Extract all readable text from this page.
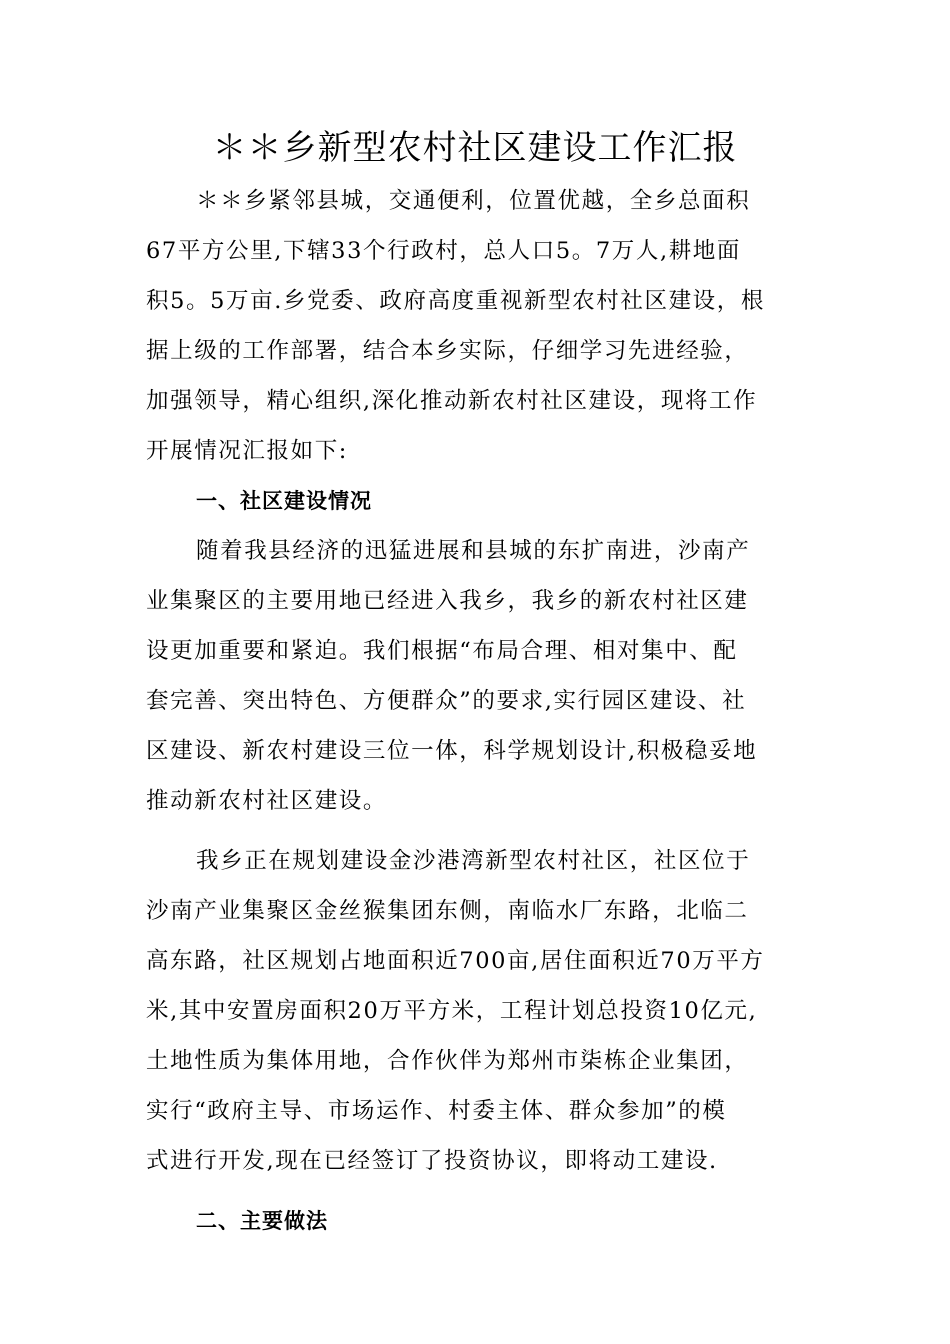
＊＊乡新型农村社区建设工作汇报
＊＊乡紧邻县城，交通便利，位置优越，全乡总面积
67平方公里,下辖33个行政村，总人口5。7万人,耕地面
积5。5万亩.乡党委、政府高度重视新型农村社区建设，根
据上级的工作部署，结合本乡实际，仔细学习先进经验，
加强领导，精心组织,深化推动新农村社区建设，现将工作
开展情况汇报如下:
一、社区建设情况
随着我县经济的迅猛进展和县城的东扩南进，沙南产
业集聚区的主要用地已经进入我乡，我乡的新农村社区建
设更加重要和紧迫。我们根据“布局合理、相对集中、配
套完善、突出特色、方便群众”的要求,实行园区建设、社
区建设、新农村建设三位一体，科学规划设计,积极稳妥地
推动新农村社区建设。
我乡正在规划建设金沙港湾新型农村社区，社区位于
沙南产业集聚区金丝猴集团东侧，南临水厂东路，北临二
高东路，社区规划占地面积近700亩,居住面积近70万平方
米,其中安置房面积20万平方米，工程计划总投资10亿元,
土地性质为集体用地，合作伙伴为郑州市柒栋企业集团，
实行“政府主导、市场运作、村委主体、群众参加”的模
式进行开发,现在已经签订了投资协议，即将动工建设.
二、主要做法
